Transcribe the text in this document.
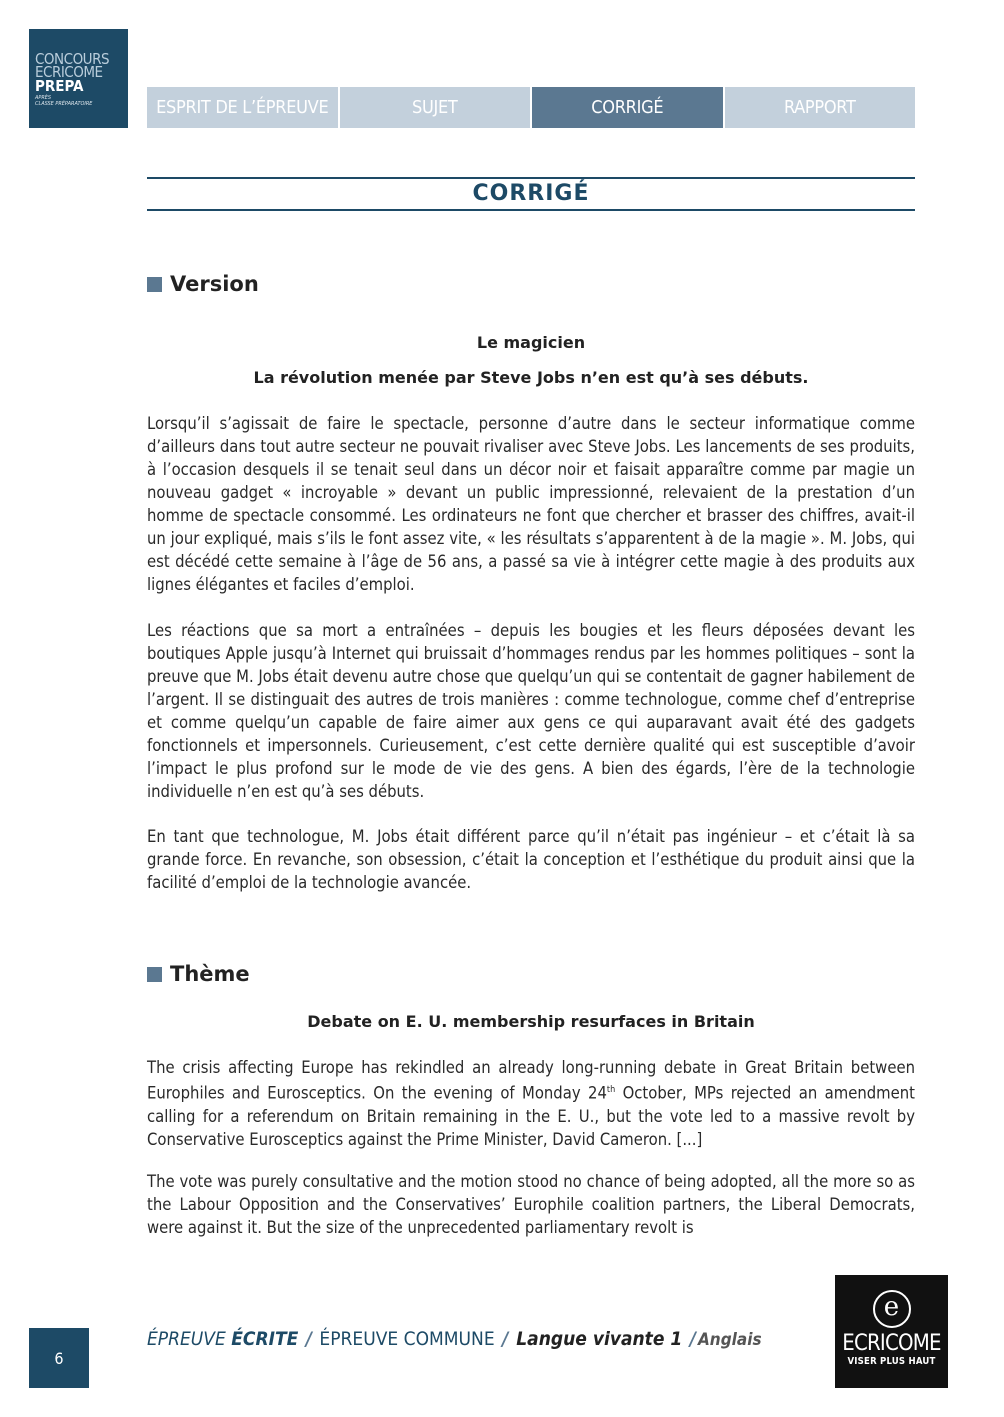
CONCOURS
ECRICOME
PREPA
APRÈS
CLASSE PRÉPARATOIRE	ESPRIT DE L’ÉPREUVE	SUJET	CORRIGÉ	RAPPORT
CORRIGÉ
Version
Le magicien
La révolution menée par Steve Jobs n’en est qu’à ses débuts.

Lorsqu’il s’agissait de faire le spectacle, personne d’autre dans le secteur informatique comme d’ailleurs dans tout autre secteur ne pouvait rivaliser avec Steve Jobs. Les lancements de ses produits, à l’occasion desquels il se tenait seul dans un décor noir et faisait apparaître comme par magie un nouveau gadget « incroyable » devant un public impressionné, relevaient de la prestation d’un homme de spectacle consommé. Les ordinateurs ne font que chercher et brasser des chiffres, avait-il un jour expliqué, mais s’ils le font assez vite, « les résultats s’apparentent à de la magie ». M. Jobs, qui est décédé cette semaine à l’âge de 56 ans, a passé sa vie à intégrer cette magie à des produits aux lignes élégantes et faciles d’emploi.

Les réactions que sa mort a entraînées – depuis les bougies et les fleurs déposées devant les boutiques Apple jusqu’à Internet qui bruissait d’hommages rendus par les hommes politiques – sont la preuve que M. Jobs était devenu autre chose que quelqu’un qui se contentait de gagner habilement de l’argent. Il se distinguait des autres de trois manières : comme technologue, comme chef d’entreprise et comme quelqu’un capable de faire aimer aux gens ce qui auparavant avait été des gadgets fonctionnels et impersonnels. Curieusement, c’est cette dernière qualité qui est susceptible d’avoir l’impact le plus profond sur le mode de vie des gens. A bien des égards, l’ère de la technologie individuelle n’en est qu’à ses débuts.

En tant que technologue, M. Jobs était différent parce qu’il n’était pas ingénieur – et c’était là sa grande force. En revanche, son obsession, c’était la conception et l’esthétique du produit ainsi que la facilité d’emploi de la technologie avancée.

Thème
Debate on E. U. membership resurfaces in Britain

The crisis affecting Europe has rekindled an already long-running debate in Great Britain between Europhiles and Eurosceptics. On the evening of Monday 24th October, MPs rejected an amendment calling for a referendum on Britain remaining in the E. U., but the vote led to a massive revolt by Conservative Eurosceptics against the Prime Minister, David Cameron. [...]

The vote was purely consultative and the motion stood no chance of being adopted, all the more so as the Labour Opposition and the Conservatives’ Europhile coalition partners, the Liberal Democrats, were against it. But the size of the unprecedented parliamentary revolt is

6
ÉPREUVE ÉCRITE / ÉPREUVE COMMUNE / Langue vivante 1 / Anglais
e
ECRICOME
VISER PLUS HAUT
